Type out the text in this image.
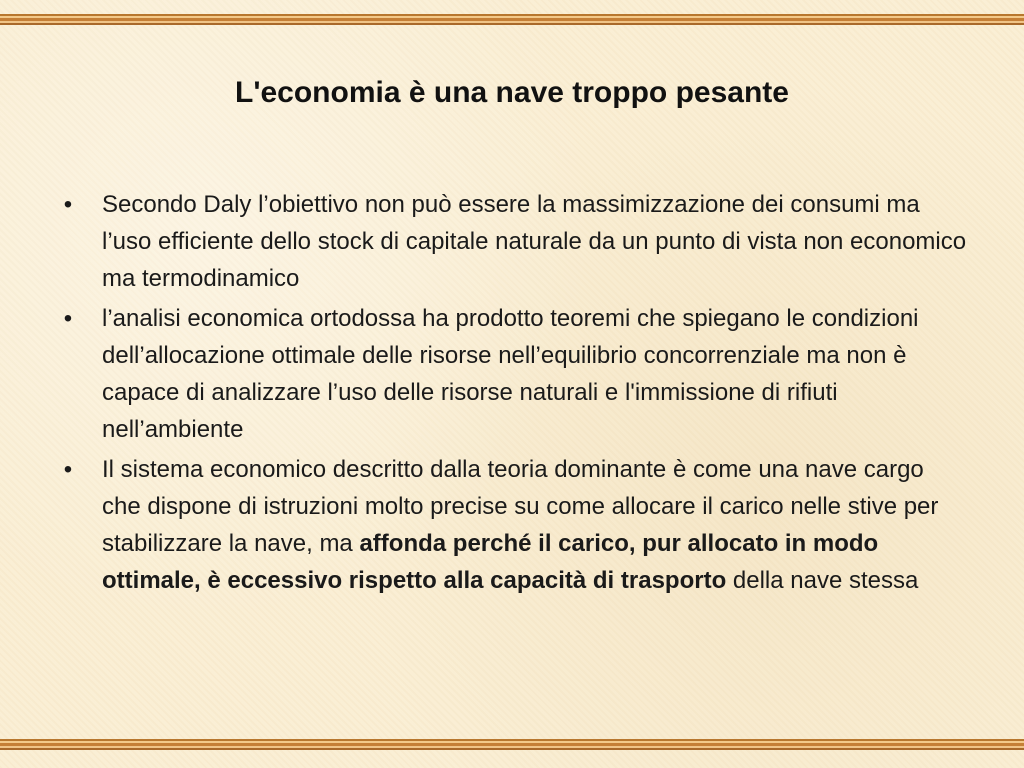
L'economia è una nave troppo pesante
• Secondo Daly l’obiettivo non può essere la massimizzazione dei consumi ma l’uso efficiente dello stock di capitale naturale da un punto di vista non economico ma termodinamico
• l’analisi economica ortodossa ha prodotto teoremi che spiegano le condizioni dell’allocazione ottimale delle risorse nell’equilibrio concorrenziale ma non è capace di analizzare l’uso delle risorse naturali e l'immissione di rifiuti nell’ambiente
• Il sistema economico descritto dalla teoria dominante è come una nave cargo che dispone di istruzioni molto precise su come allocare il carico nelle stive per stabilizzare la nave, ma affonda perché il carico, pur allocato in modo ottimale, è eccessivo rispetto alla capacità di trasporto della nave stessa
